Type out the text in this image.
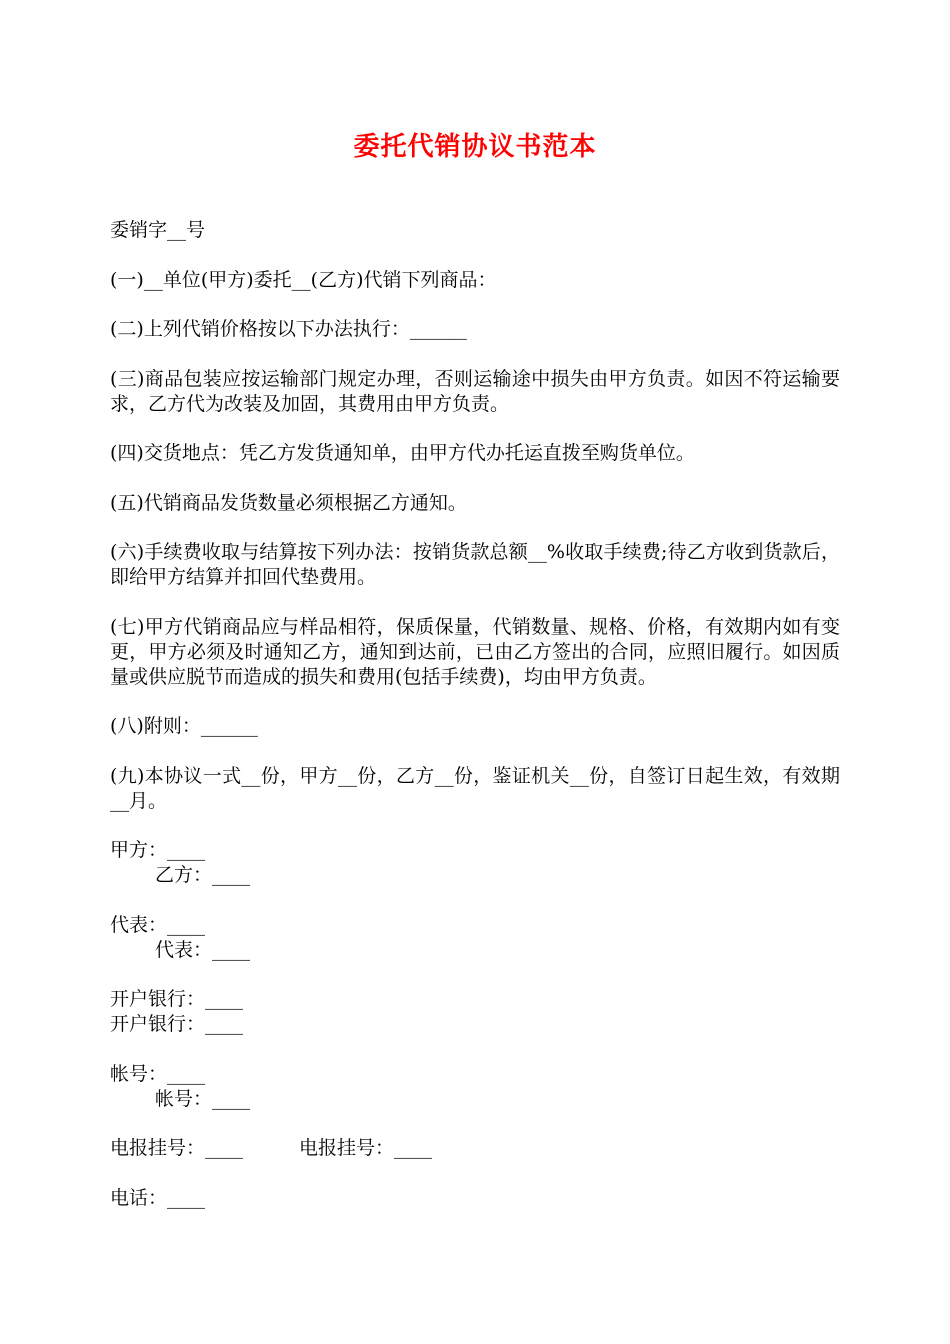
委托代销协议书范本
委销字__号
(一)__单位(甲方)委托__(乙方)代销下列商品：
(二)上列代销价格按以下办法执行：______
(三)商品包装应按运输部门规定办理，否则运输途中损失由甲方负责。如因不符运输要求，乙方代为改装及加固，其费用由甲方负责。
(四)交货地点：凭乙方发货通知单，由甲方代办托运直拨至购货单位。
(五)代销商品发货数量必须根据乙方通知。
(六)手续费收取与结算按下列办法：按销货款总额__%收取手续费;待乙方收到货款后，即给甲方结算并扣回代垫费用。
(七)甲方代销商品应与样品相符，保质保量，代销数量、规格、价格，有效期内如有变更，甲方必须及时通知乙方，通知到达前，已由乙方签出的合同，应照旧履行。如因质量或供应脱节而造成的损失和费用(包括手续费)，均由甲方负责。
(八)附则：______
(九)本协议一式__份，甲方__份，乙方__份，鉴证机关__份，自签订日起生效，有效期__月。
甲方：____
乙方：____
代表：____
代表：____
开户银行：____
开户银行：____
帐号：____
帐号：____
电报挂号：____	电报挂号：____
电话：____
